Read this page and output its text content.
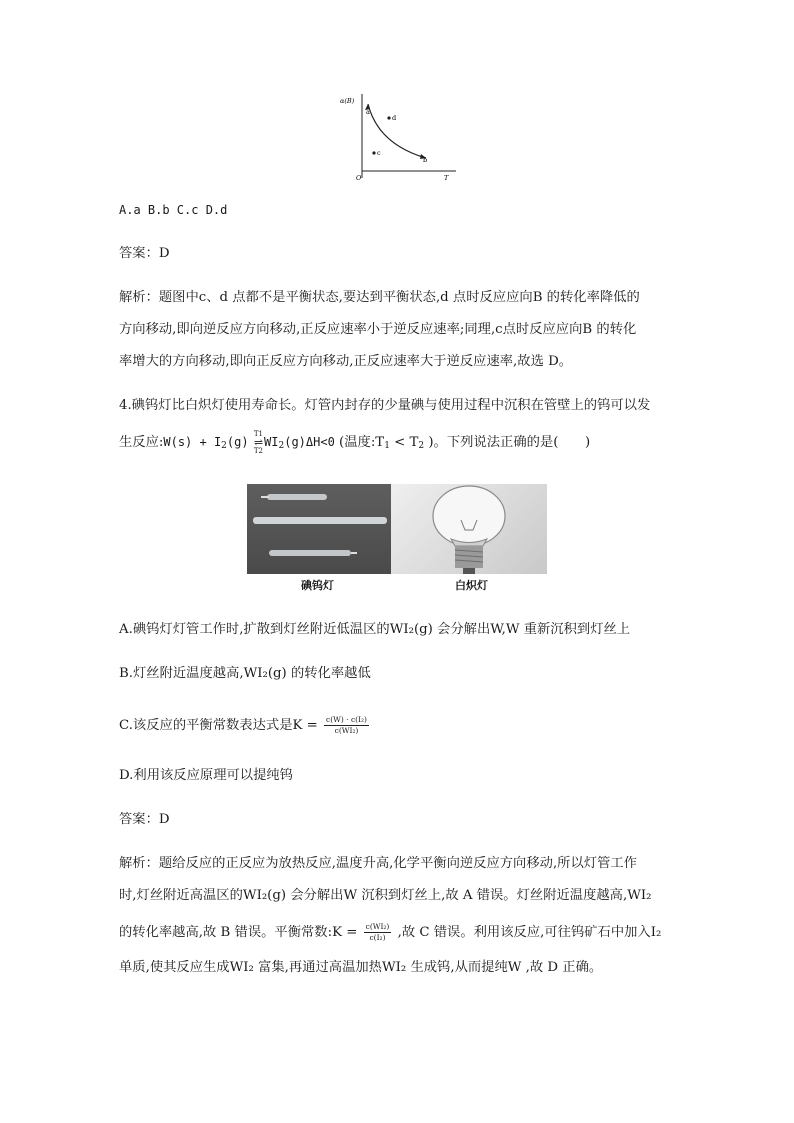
α(B)
a
d
c
b
O	T
A.a B.b C.c D.d
答案：D
解析：题图中c、d 点都不是平衡状态,要达到平衡状态,d 点时反应应向B 的转化率降低的
方向移动,即向逆反应方向移动,正反应速率小于逆反应速率;同理,c点时反应应向B 的转化
率增大的方向移动,即向正反应方向移动,正反应速率大于逆反应速率,故选 D。
4.碘钨灯比白炽灯使用寿命长。灯管内封存的少量碘与使用过程中沉积在管壁上的钨可以发
生反应:W(s) + $I_2(g)$
T1
⇌
T2
$WI_2(g)\Delta H<0$ (温度$:T_1 < T_2$ )。下列说法正确的是(　　)
碘钨灯	白炽灯
A.碘钨灯灯管工作时,扩散到灯丝附近低温区的WI₂(g) 会分解出W,W 重新沉积到灯丝上
B.灯丝附近温度越高,WI₂(g) 的转化率越低
C.该反应的平衡常数表达式是$K = \frac{\text{c(W) · c(I₂)}}{\text{c(WI₂)}}$
D.利用该反应原理可以提纯钨
答案：D
解析：题给反应的正反应为放热反应,温度升高,化学平衡向逆反应方向移动,所以灯管工作
时,灯丝附近高温区的WI₂(g) 会分解出W 沉积到灯丝上,故 A 错误。灯丝附近温度越高,WI₂
的转化率越高,故 B 错误。平衡常数:K = $\frac{\text{c(WI₂)}}{\text{c(I₂)}}$ ,故 C 错误。利用该反应,可往钨矿石中加入I₂
单质,使其反应生成WI₂ 富集,再通过高温加热WI₂ 生成钨,从而提纯W ,故 D 正确。
